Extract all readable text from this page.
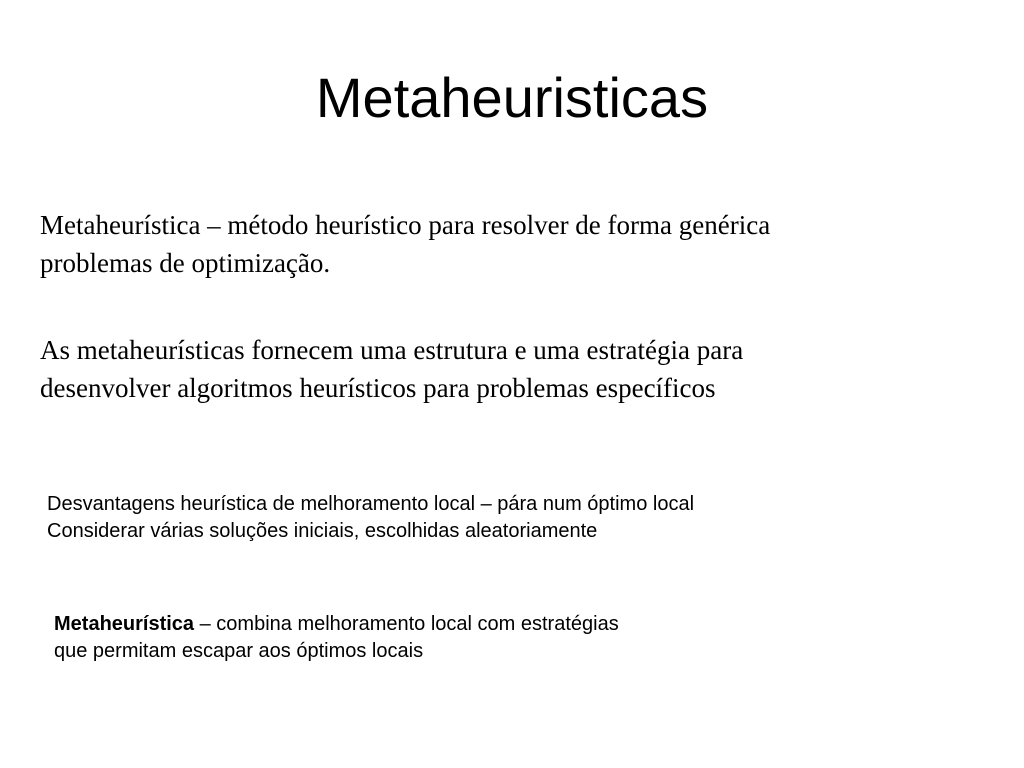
Metaheuristicas

Metaheurística – método heurístico para resolver de forma genérica
problemas de optimização.

As metaheurísticas fornecem uma estrutura e uma estratégia para
desenvolver algoritmos heurísticos para problemas específicos

Desvantagens heurística de melhoramento local – pára num óptimo local
Considerar várias soluções iniciais, escolhidas aleatoriamente

Metaheurística – combina melhoramento local com estratégias
que permitam escapar aos óptimos locais
